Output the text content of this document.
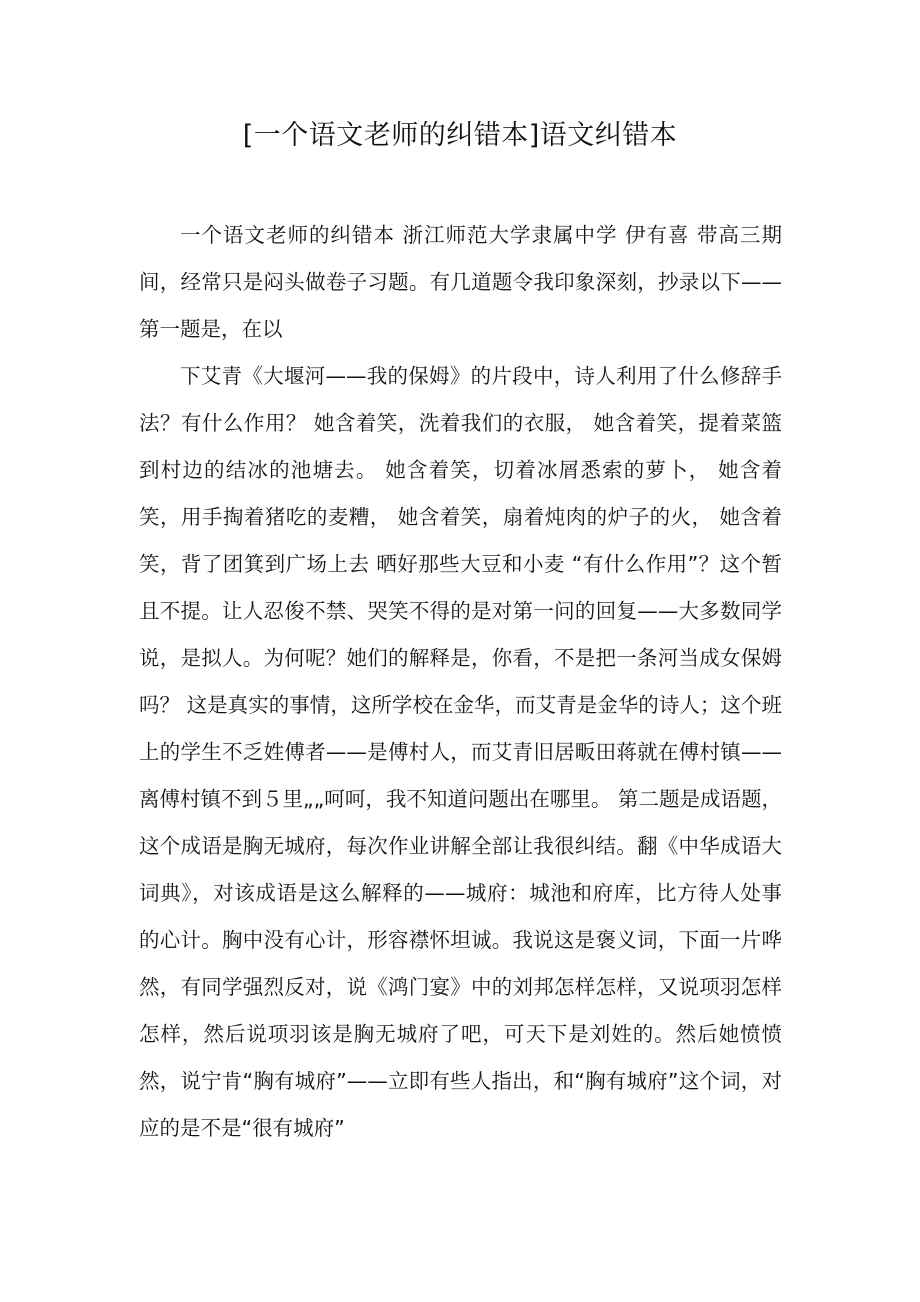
[一个语文老师的纠错本]语文纠错本

一个语文老师的纠错本 浙江师范大学隶属中学 伊有喜 带高三期间，经常只是闷头做卷子习题。有几道题令我印象深刻，抄录以下—— 第一题是，在以

下艾青《大堰河——我的保姆》的片段中，诗人利用了什么修辞手法？有什么作用？ 她含着笑，洗着我们的衣服， 她含着笑，提着菜篮到村边的结冰的池塘去。 她含着笑，切着冰屑悉索的萝卜， 她含着笑，用手掏着猪吃的麦糟， 她含着笑，扇着炖肉的炉子的火， 她含着笑，背了团箕到广场上去 晒好那些大豆和小麦 “有什么作用”？这个暂且不提。让人忍俊不禁、哭笑不得的是对第一问的回复——大多数同学说，是拟人。为何呢？她们的解释是，你看，不是把一条河当成女保姆吗？ 这是真实的事情，这所学校在金华，而艾青是金华的诗人；这个班上的学生不乏姓傅者——是傅村人，而艾青旧居畈田蒋就在傅村镇——离傅村镇不到５里„„呵呵，我不知道问题出在哪里。 第二题是成语题，这个成语是胸无城府，每次作业讲解全部让我很纠结。翻《中华成语大词典》，对该成语是这么解释的——城府：城池和府库，比方待人处事的心计。胸中没有心计，形容襟怀坦诚。我说这是褒义词，下面一片哗然，有同学强烈反对，说《鸿门宴》中的刘邦怎样怎样，又说项羽怎样怎样，然后说项羽该是胸无城府了吧，可天下是刘姓的。然后她愤愤然，说宁肯“胸有城府”——立即有些人指出，和“胸有城府”这个词，对应的是不是“很有城府”
